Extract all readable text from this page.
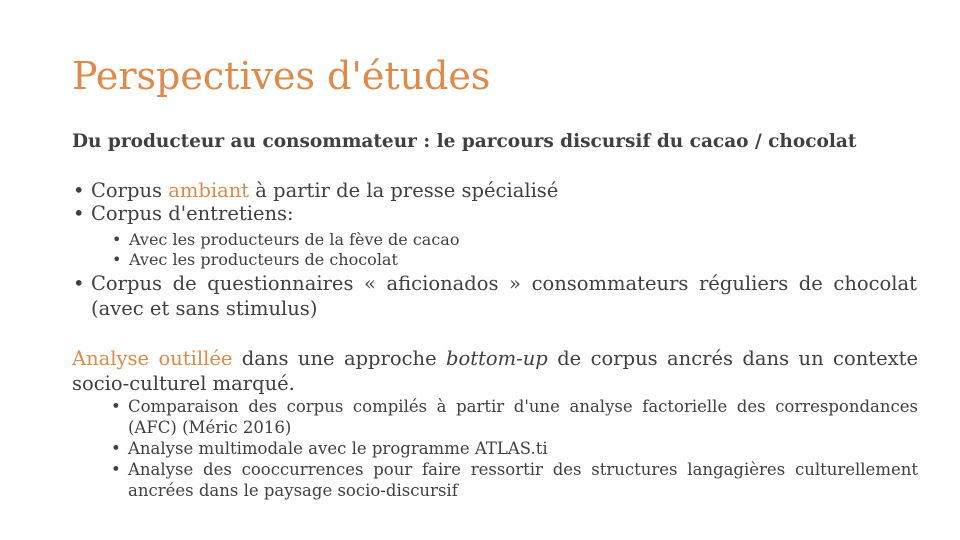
Perspectives d'études
Du producteur au consommateur : le parcours discursif du cacao / chocolat
• Corpus ambiant à partir de la presse spécialisé
• Corpus d'entretiens:
• Avec les producteurs de la fève de cacao
• Avec les producteurs de chocolat
• Corpus de questionnaires « aficionados » consommateurs réguliers de chocolat (avec et sans stimulus)

Analyse outillée dans une approche bottom-up de corpus ancrés dans un contexte socio-culturel marqué.

• Comparaison des corpus compilés à partir d'une analyse factorielle des correspondances (AFC) (Méric 2016)
• Analyse multimodale avec le programme ATLAS.ti
• Analyse des cooccurrences pour faire ressortir des structures langagières culturellement ancrées dans le paysage socio-discursif
